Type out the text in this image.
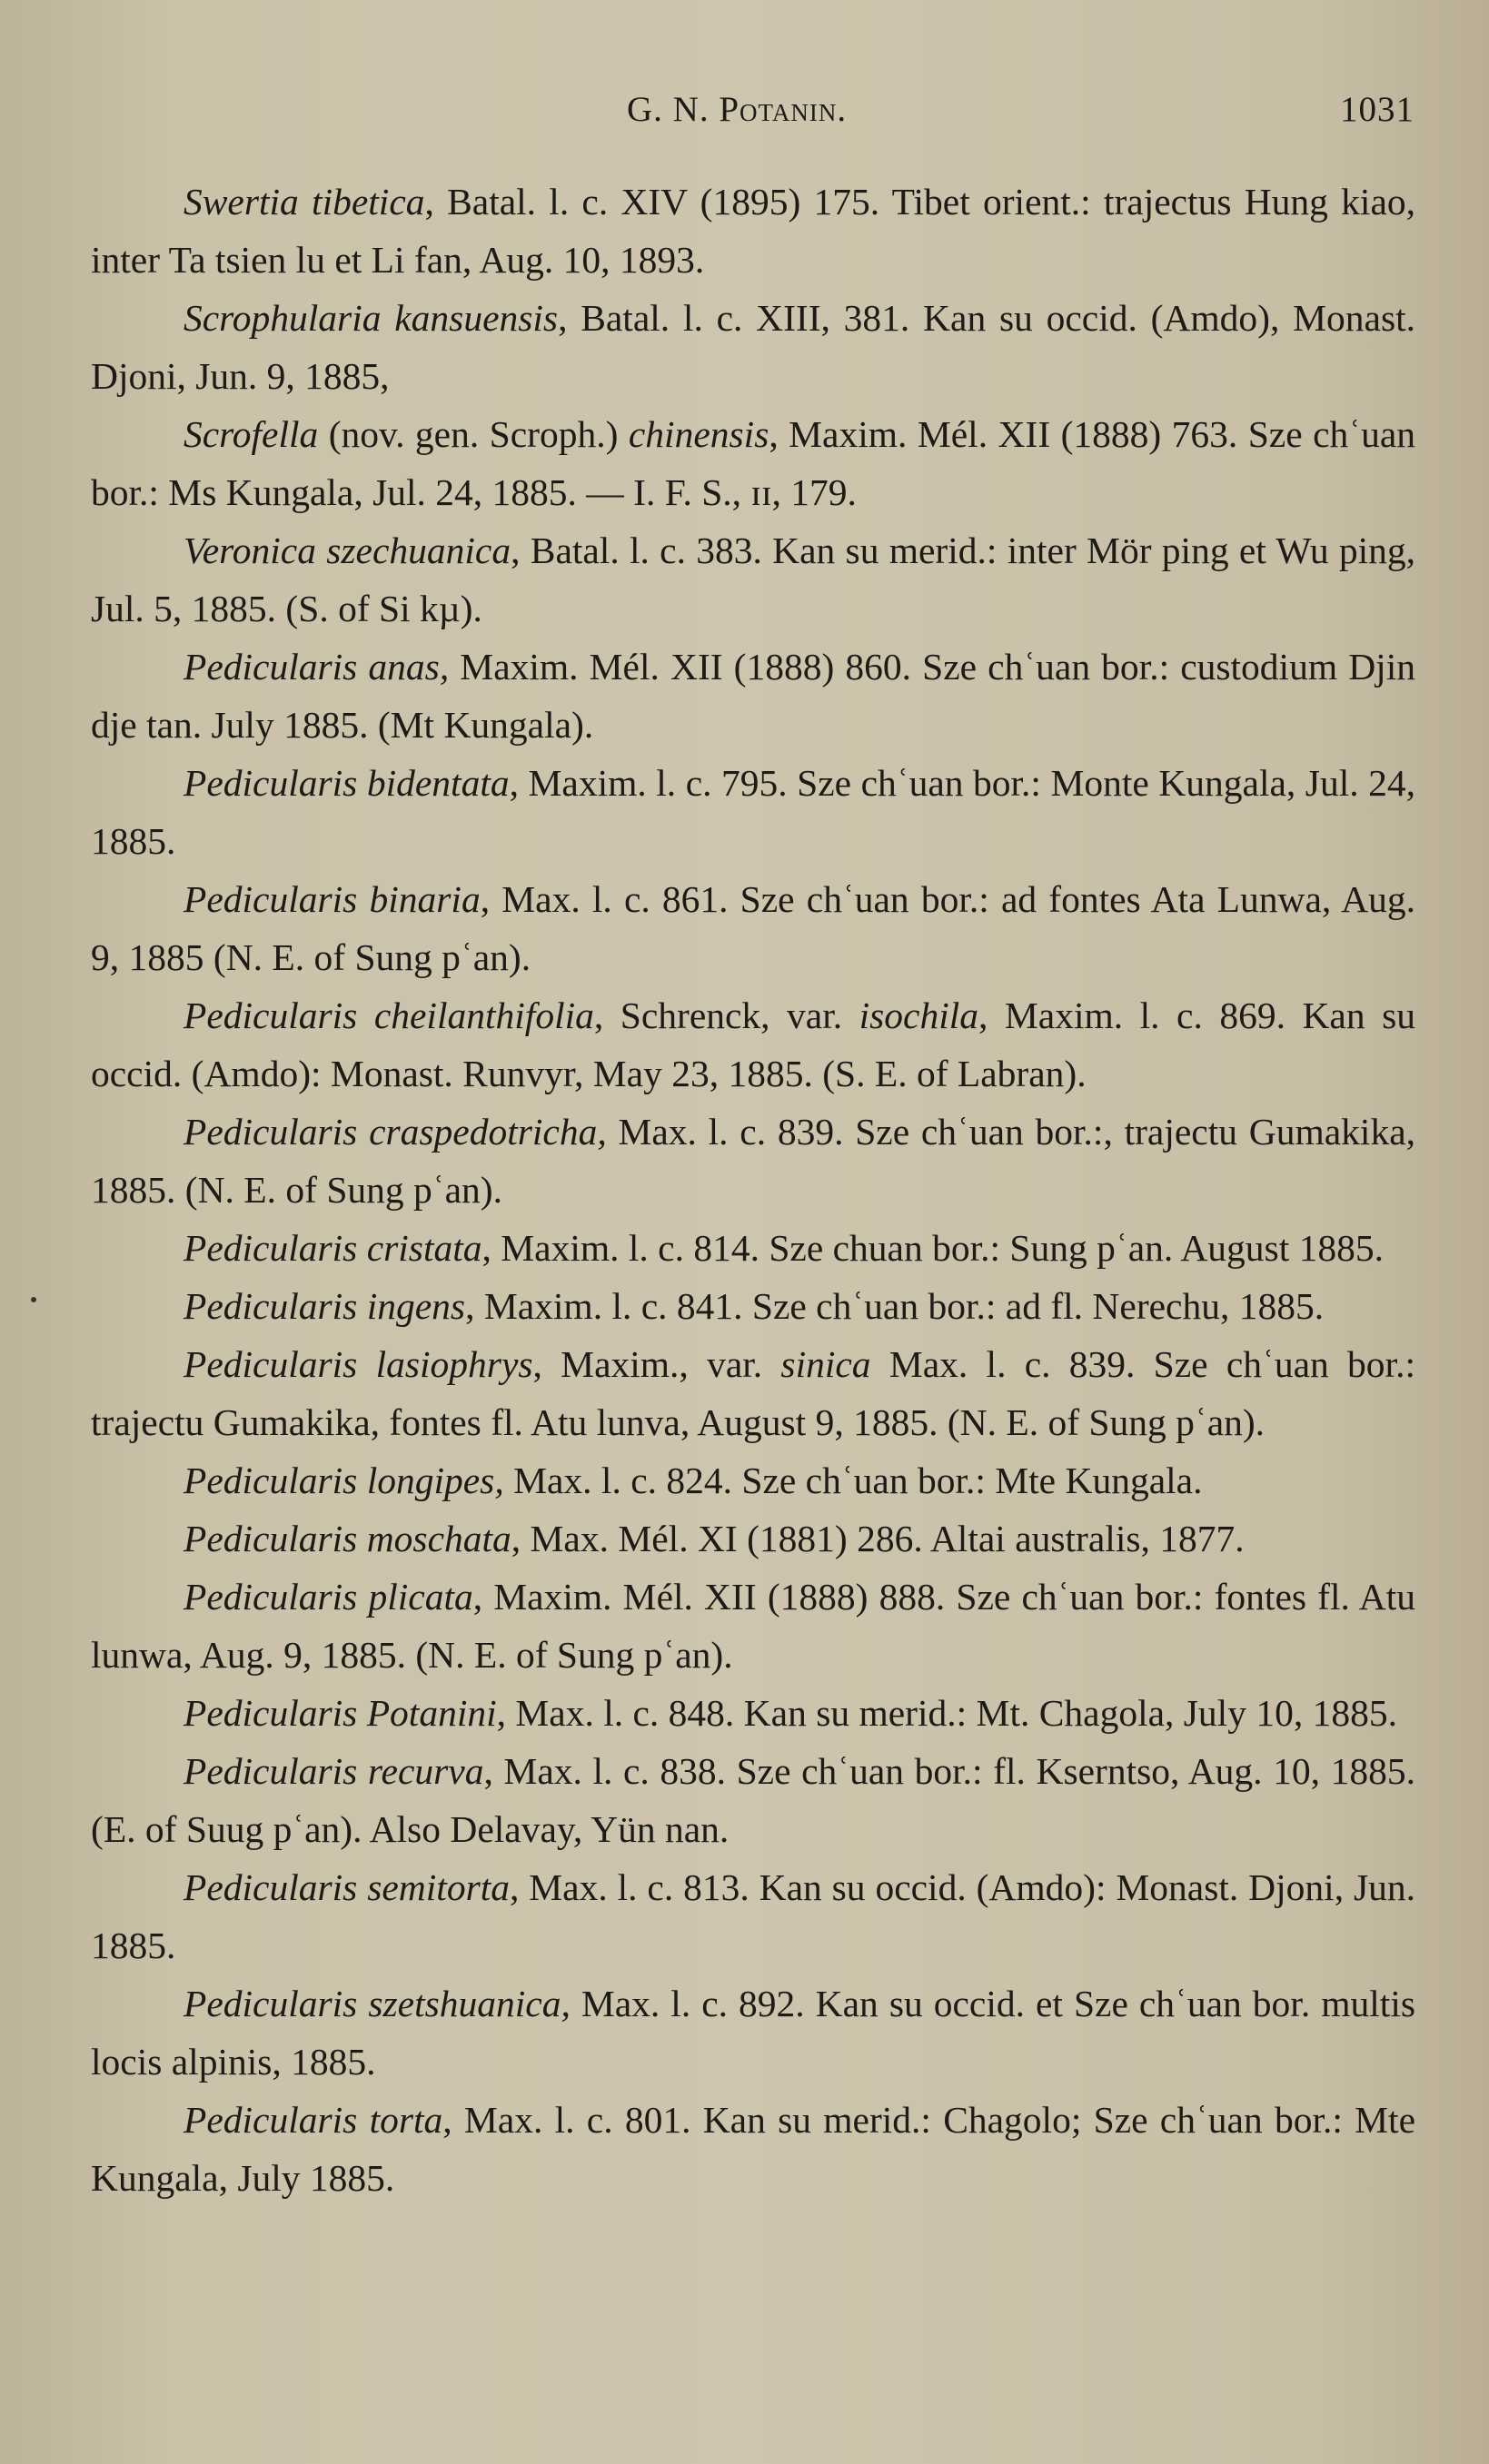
G. N. Potanin.	1031

Swertia tibetica, Batal. l. c. XIV (1895) 175. Tibet orient.: trajectus Hung kiao, inter Ta tsien lu et Li fan, Aug. 10, 1893.

Scrophularia kansuensis, Batal. l. c. XIII, 381. Kan su occid. (Amdo), Monast. Djoni, Jun. 9, 1885,

Scrofella (nov. gen. Scroph.) chinensis, Maxim. Mél. XII (1888) 763. Sze chʿuan bor.: Ms Kungala, Jul. 24, 1885. — I. F. S., ɪɪ, 179.

Veronica szechuanica, Batal. l. c. 383. Kan su merid.: inter Mör ping et Wu ping, Jul. 5, 1885. (S. of Si kµ).

Pedicularis anas, Maxim. Mél. XII (1888) 860. Sze chʿuan bor.: custodium Djin dje tan. July 1885. (Mt Kungala).

Pedicularis bidentata, Maxim. l. c. 795. Sze chʿuan bor.: Monte Kungala, Jul. 24, 1885.

Pedicularis binaria, Max. l. c. 861. Sze chʿuan bor.: ad fontes Ata Lunwa, Aug. 9, 1885 (N. E. of Sung pʿan).

Pedicularis cheilanthifolia, Schrenck, var. isochila, Maxim. l. c. 869. Kan su occid. (Amdo): Monast. Runvyr, May 23, 1885. (S. E. of Labran).

Pedicularis craspedotricha, Max. l. c. 839. Sze chʿuan bor.:, trajectu Gumakika, 1885. (N. E. of Sung pʿan).

Pedicularis cristata, Maxim. l. c. 814. Sze chuan bor.: Sung pʿan. August 1885.

Pedicularis ingens, Maxim. l. c. 841. Sze chʿuan bor.: ad fl. Nerechu, 1885.

Pedicularis lasiophrys, Maxim., var. sinica Max. l. c. 839. Sze chʿuan bor.: trajectu Gumakika, fontes fl. Atu lunva, August 9, 1885. (N. E. of Sung pʿan).

Pedicularis longipes, Max. l. c. 824. Sze chʿuan bor.: Mte Kungala.

Pedicularis moschata, Max. Mél. XI (1881) 286. Altai australis, 1877.

Pedicularis plicata, Maxim. Mél. XII (1888) 888. Sze chʿuan bor.: fontes fl. Atu lunwa, Aug. 9, 1885. (N. E. of Sung pʿan).

Pedicularis Potanini, Max. l. c. 848. Kan su merid.: Mt. Chagola, July 10, 1885.

Pedicularis recurva, Max. l. c. 838. Sze chʿuan bor.: fl. Kserntso, Aug. 10, 1885. (E. of Suug pʿan). Also Delavay, Yün nan.

Pedicularis semitorta, Max. l. c. 813. Kan su occid. (Amdo): Monast. Djoni, Jun. 1885.

Pedicularis szetshuanica, Max. l. c. 892. Kan su occid. et Sze chʿuan bor. multis locis alpinis, 1885.

Pedicularis torta, Max. l. c. 801. Kan su merid.: Chagolo; Sze chʿuan bor.: Mte Kungala, July 1885.
